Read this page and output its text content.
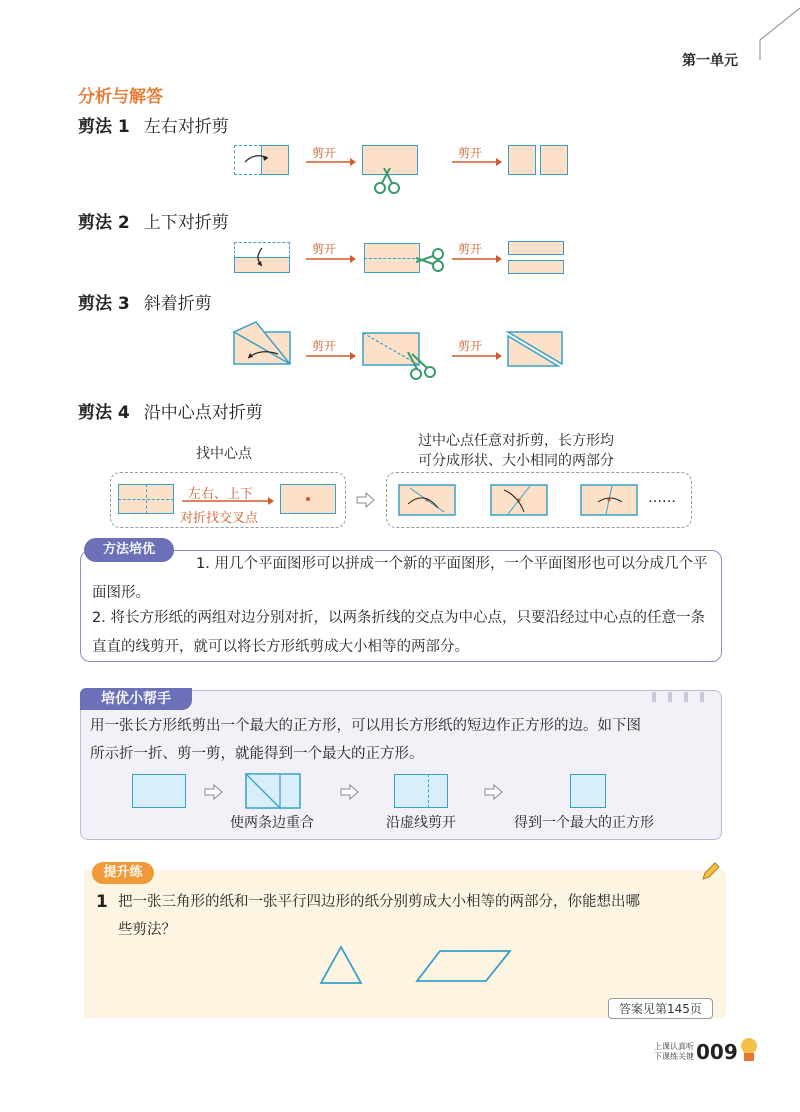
第一单元
分析与解答
剪法 1 左右对折剪
剪开	剪开
剪法 2 上下对折剪
剪开	剪开
剪法 3 斜着折剪
剪开	剪开
剪法 4 沿中心点对折剪
找中心点
过中心点任意对折剪，长方形均
可分成形状、大小相同的两部分
左右、上下
对折找交叉点
……
方法培优
1. 用几个平面图形可以拼成一个新的平面图形，一个平面图形也可以分成几个平面图形。
2. 将长方形纸的两组对边分别对折，以两条折线的交点为中心点，只要沿经过中心点的任意一条直直的线剪开，就可以将长方形纸剪成大小相等的两部分。
培优小帮手
用一张长方形纸剪出一个最大的正方形，可以用长方形纸的短边作正方形的边。如下图
所示折一折、剪一剪，就能得到一个最大的正方形。
使两条边重合	沿虚线剪开	得到一个最大的正方形
提升练
1 把一张三角形的纸和一张平行四边形的纸分别剪成大小相等的两部分，你能想出哪
些剪法？
答案见第145页
上课认真听
下课练关键 009
